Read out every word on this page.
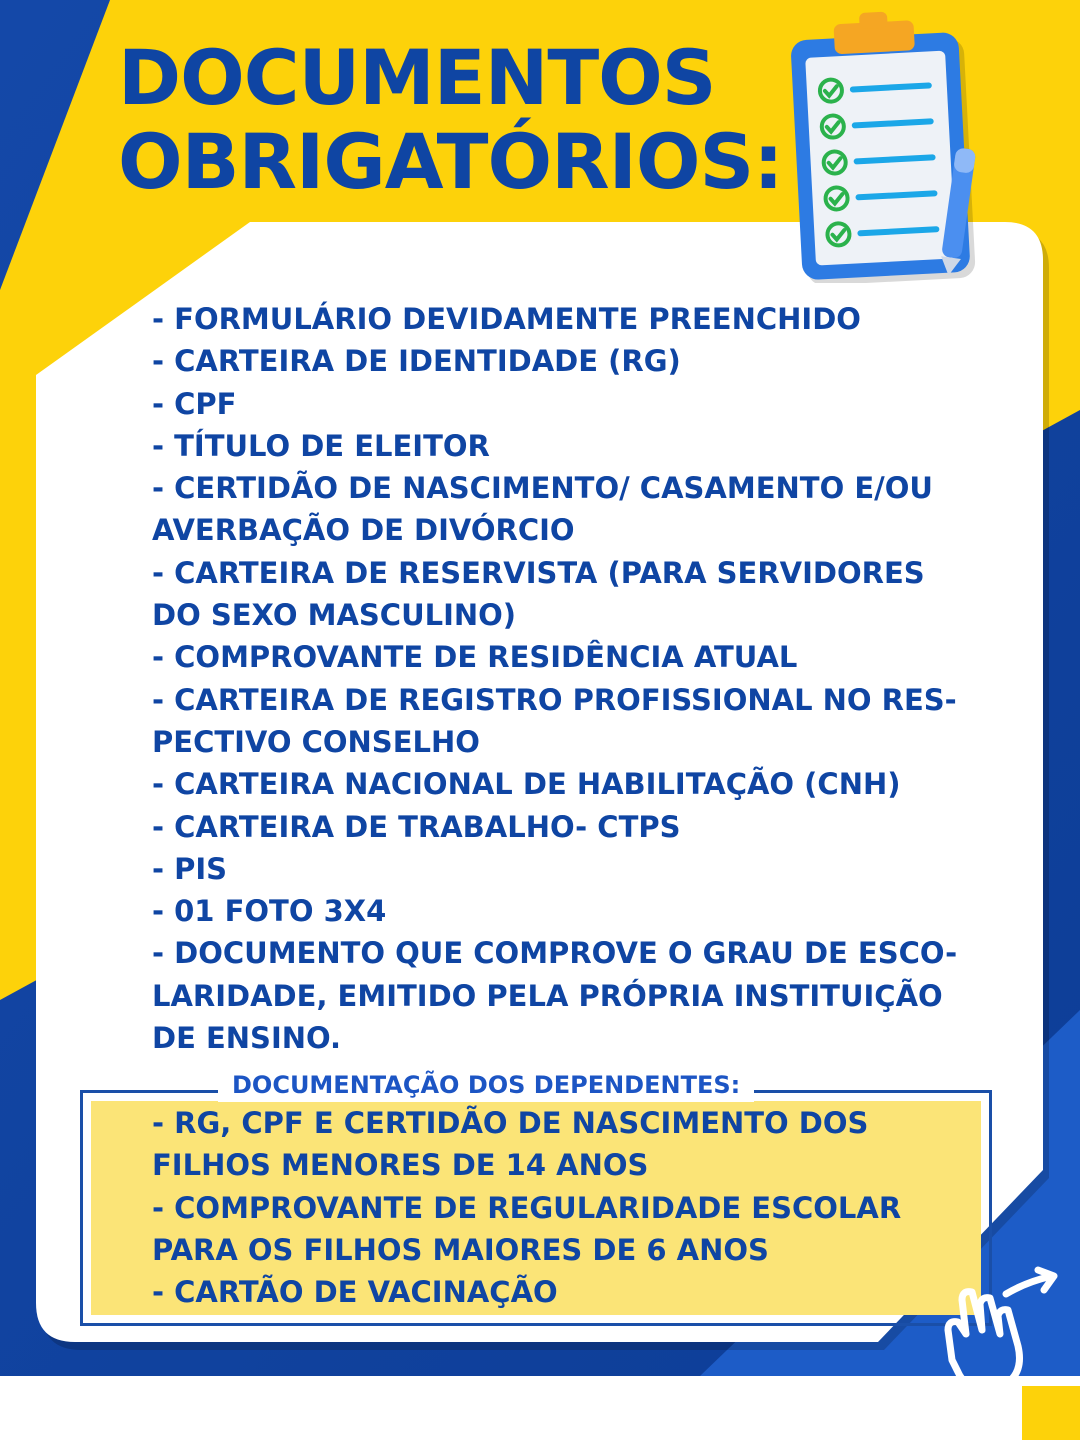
DOCUMENTOS
OBRIGATÓRIOS:
- FORMULÁRIO DEVIDAMENTE PREENCHIDO
- CARTEIRA DE IDENTIDADE (RG)
- CPF
- TÍTULO DE ELEITOR
- CERTIDÃO DE NASCIMENTO/ CASAMENTO E/OU
AVERBAÇÃO DE DIVÓRCIO
- CARTEIRA DE RESERVISTA (PARA SERVIDORES
DO SEXO MASCULINO)
- COMPROVANTE DE RESIDÊNCIA ATUAL
- CARTEIRA DE REGISTRO PROFISSIONAL NO RES-
PECTIVO CONSELHO
- CARTEIRA NACIONAL DE HABILITAÇÃO (CNH)
- CARTEIRA DE TRABALHO- CTPS
- PIS
- 01 FOTO 3X4
- DOCUMENTO QUE COMPROVE O GRAU DE ESCO-
LARIDADE, EMITIDO PELA PRÓPRIA INSTITUIÇÃO
DE ENSINO.
DOCUMENTAÇÃO DOS DEPENDENTES:
- RG, CPF E CERTIDÃO DE NASCIMENTO DOS
FILHOS MENORES DE 14 ANOS
- COMPROVANTE DE REGULARIDADE ESCOLAR
PARA OS FILHOS MAIORES DE 6 ANOS
- CARTÃO DE VACINAÇÃO
